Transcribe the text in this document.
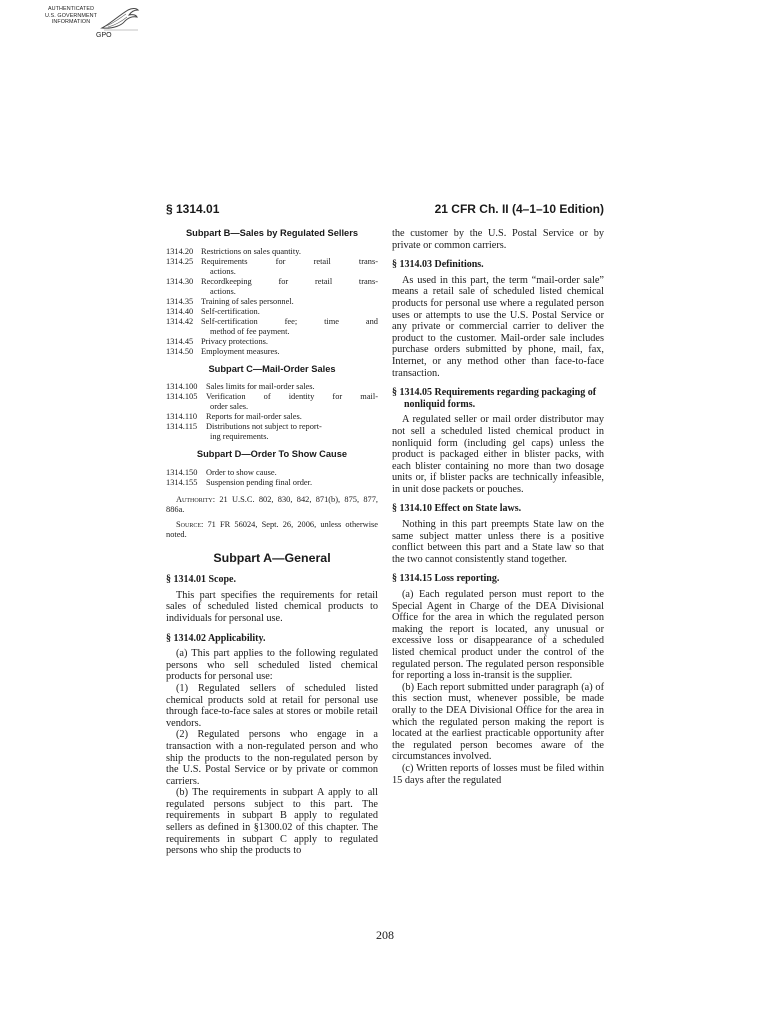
AUTHENTICATED
U.S. GOVERNMENT
INFORMATION
GPO
§ 1314.01	21 CFR Ch. II (4–1–10 Edition)
Subpart B—Sales by Regulated Sellers
1314.20 Restrictions on sales quantity.
1314.25 Requirements for retail trans-
actions.
1314.30 Recordkeeping for retail trans-
actions.
1314.35 Training of sales personnel.
1314.40 Self-certification.
1314.42 Self-certification fee; time and
method of fee payment.
1314.45 Privacy protections.
1314.50 Employment measures.
Subpart C—Mail-Order Sales
1314.100	Sales limits for mail-order sales.
1314.105	Verification of identity for mail-
order sales.
1314.110	Reports for mail-order sales.
1314.115	Distributions not subject to report-
ing requirements.
Subpart D—Order To Show Cause
1314.150	Order to show cause.
1314.155	Suspension pending final order.

Authority: 21 U.S.C. 802, 830, 842, 871(b), 875, 877, 886a.

Source: 71 FR 56024, Sept. 26, 2006, unless otherwise noted.

Subpart A—General
§ 1314.01 Scope.

This part specifies the requirements for retail sales of scheduled listed chemical products to individuals for personal use.

§ 1314.02 Applicability.

(a) This part applies to the following regulated persons who sell scheduled listed chemical products for personal use:

(1) Regulated sellers of scheduled listed chemical products sold at retail for personal use through face-to-face sales at stores or mobile retail vendors.

(2) Regulated persons who engage in a transaction with a non-regulated person and who ship the products to the non-regulated person by the U.S. Postal Service or by private or common carriers.

(b) The requirements in subpart A apply to all regulated persons subject to this part. The requirements in subpart B apply to regulated sellers as defined in §1300.02 of this chapter. The requirements in subpart C apply to regulated persons who ship the products to

the customer by the U.S. Postal Service or by private or common carriers.

§ 1314.03 Definitions.

As used in this part, the term “mail-order sale” means a retail sale of scheduled listed chemical products for personal use where a regulated person uses or attempts to use the U.S. Postal Service or any private or commercial carrier to deliver the product to the customer. Mail-order sale includes purchase orders submitted by phone, mail, fax, Internet, or any method other than face-to-face transaction.

§ 1314.05 Requirements regarding packaging of nonliquid forms.

A regulated seller or mail order distributor may not sell a scheduled listed chemical product in nonliquid form (including gel caps) unless the product is packaged either in blister packs, with each blister containing no more than two dosage units or, if blister packs are technically infeasible, in unit dose packets or pouches.

§ 1314.10 Effect on State laws.

Nothing in this part preempts State law on the same subject matter unless there is a positive conflict between this part and a State law so that the two cannot consistently stand together.

§ 1314.15 Loss reporting.

(a) Each regulated person must report to the Special Agent in Charge of the DEA Divisional Office for the area in which the regulated person making the report is located, any unusual or excessive loss or disappearance of a scheduled listed chemical product under the control of the regulated person. The regulated person responsible for reporting a loss in-transit is the supplier.

(b) Each report submitted under paragraph (a) of this section must, whenever possible, be made orally to the DEA Divisional Office for the area in which the regulated person making the report is located at the earliest practicable opportunity after the regulated person becomes aware of the circumstances involved.

(c) Written reports of losses must be filed within 15 days after the regulated

208
